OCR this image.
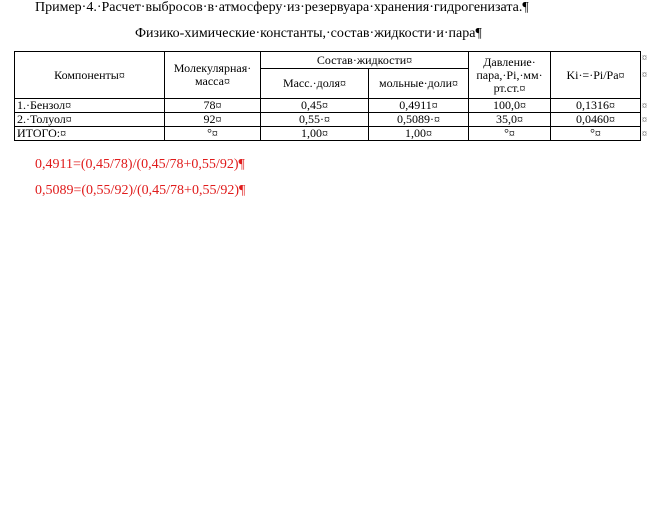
Пример·4.·Расчет·выбросов·в·атмосферу·из·резервуара·хранения·гидрогенизата.¶
Физико-химические·константы,·состав·жидкости·и·пара¶
Компоненты¤	Молекулярная· масса¤	Состав·жидкости¤		Давление· пара,·Pi,·мм· рт.ст.¤	Ki·=·Pi/Pa¤
		Масс.·доля¤	мольные·доли¤		
1.·Бензол¤	78¤	0,45¤	0,4911¤	100,0¤	0,1316¤
2.·Толуол¤	92¤	0,55·¤	0,5089·¤	35,0¤	0,0460¤
ИТОГО:¤	°¤	1,00¤	1,00¤	°¤	°¤
¤
¤
¤
¤
¤
0,4911=(0,45/78)/(0,45/78+0,55/92)¶
0,5089=(0,55/92)/(0,45/78+0,55/92)¶
